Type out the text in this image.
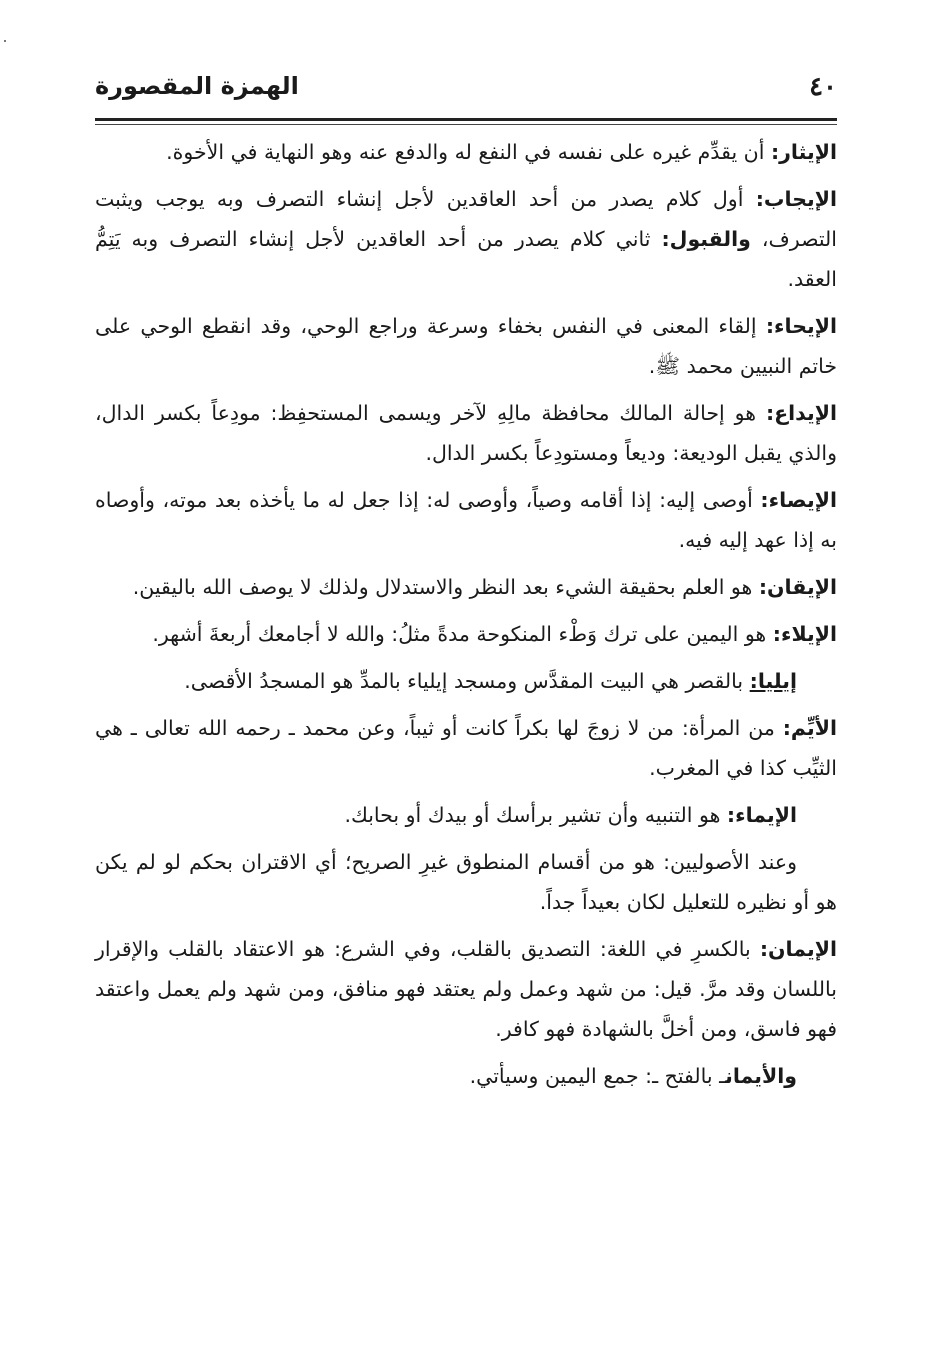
٤٠
الهمزة المقصورة

الإيثار: أن يقدِّم غيره على نفسه في النفع له والدفع عنه وهو النهاية في الأخوة.

الإيجاب: أول كلام يصدر من أحد العاقدين لأجل إنشاء التصرف وبه يوجب ويثبت التصرف، والقبول: ثاني كلام يصدر من أحد العاقدين لأجل إنشاء التصرف وبه يَتِمُّ العقد.

الإيحاء: إلقاء المعنى في النفس بخفاء وسرعة وراجع الوحي، وقد انقطع الوحي على خاتم النبيين محمد ﷺ.

الإيداع: هو إحالة المالك محافظة مالِهِ لآخر ويسمى المستحفِظ: مودِعاً بكسر الدال، والذي يقبل الوديعة: وديعاً ومستودِعاً بكسر الدال.

الإيصاء: أوصى إليه: إذا أقامه وصياً، وأوصى له: إذا جعل له ما يأخذه بعد موته، وأوصاه به إذا عهد إليه فيه.

الإيقان: هو العلم بحقيقة الشيء بعد النظر والاستدلال ولذلك لا يوصف الله باليقين.

الإيلاء: هو اليمين على ترك وَطْء المنكوحة مدةً مثلُ: والله لا أجامعك أربعةَ أشهر.

إيليا: بالقصر هي البيت المقدَّس ومسجد إيلياء بالمدِّ هو المسجدُ الأقصى.

الأيِّم: من المرأة: من لا زوجَ لها بكراً كانت أو ثيباً، وعن محمد ـ رحمه الله تعالى ـ هي الثيِّب كذا في المغرب.

الإيماء: هو التنبيه وأن تشير برأسك أو بيدك أو بحابك.

وعند الأصوليين: هو من أقسام المنطوق غيرِ الصريح؛ أي الاقتران بحكم لو لم يكن هو أو نظيره للتعليل لكان بعيداً جداً.

الإيمان: بالكسرِ في اللغة: التصديق بالقلب، وفي الشرع: هو الاعتقاد بالقلب والإقرار باللسان وقد مرَّ. قيل: من شهد وعمل ولم يعتقد فهو منافق، ومن شهد ولم يعمل واعتقد فهو فاسق، ومن أخلَّ بالشهادة فهو كافر.

والأيمانـ بالفتح ـ: جمع اليمين وسيأتي.
